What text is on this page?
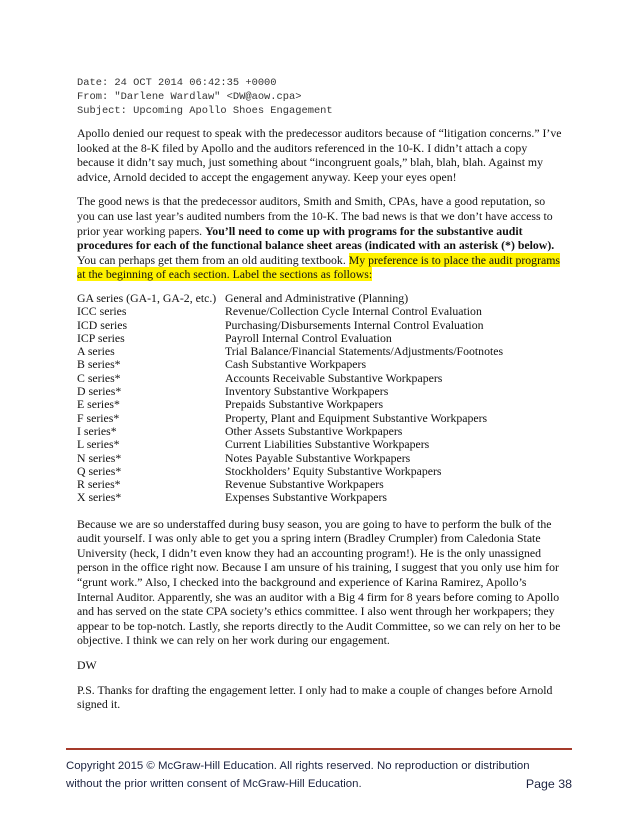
Date: 24 OCT 2014 06:42:35 +0000
From: "Darlene Wardlaw" <DW@aow.cpa>
Subject: Upcoming Apollo Shoes Engagement

Apollo denied our request to speak with the predecessor auditors because of “litigation concerns.” I’ve looked at the 8-K filed by Apollo and the auditors referenced in the 10-K. I didn’t attach a copy because it didn’t say much, just something about “incongruent goals,” blah, blah, blah. Against my advice, Arnold decided to accept the engagement anyway. Keep your eyes open!

The good news is that the predecessor auditors, Smith and Smith, CPAs, have a good reputation, so you can use last year’s audited numbers from the 10-K. The bad news is that we don’t have access to prior year working papers. You’ll need to come up with programs for the substantive audit procedures for each of the functional balance sheet areas (indicated with an asterisk (*) below). You can perhaps get them from an old auditing textbook. My preference is to place the audit programs at the beginning of each section. Label the sections as follows:

GA series (GA-1, GA-2, etc.) General and Administrative (Planning)
ICC series	Revenue/Collection Cycle Internal Control Evaluation
ICD series	Purchasing/Disbursements Internal Control Evaluation
ICP series	Payroll Internal Control Evaluation
A series	Trial Balance/Financial Statements/Adjustments/Footnotes
B series*	Cash Substantive Workpapers
C series*	Accounts Receivable Substantive Workpapers
D series*	Inventory Substantive Workpapers
E series*	Prepaids Substantive Workpapers
F series*	Property, Plant and Equipment Substantive Workpapers
I series*	Other Assets Substantive Workpapers
L series*	Current Liabilities Substantive Workpapers
N series*	Notes Payable Substantive Workpapers
Q series*	Stockholders’ Equity Substantive Workpapers
R series*	Revenue Substantive Workpapers
X series*	Expenses Substantive Workpapers

Because we are so understaffed during busy season, you are going to have to perform the bulk of the audit yourself. I was only able to get you a spring intern (Bradley Crumpler) from Caledonia State University (heck, I didn’t even know they had an accounting program!). He is the only unassigned person in the office right now. Because I am unsure of his training, I suggest that you only use him for “grunt work.” Also, I checked into the background and experience of Karina Ramirez, Apollo’s Internal Auditor. Apparently, she was an auditor with a Big 4 firm for 8 years before coming to Apollo and has served on the state CPA society’s ethics committee. I also went through her workpapers; they appear to be top-notch. Lastly, she reports directly to the Audit Committee, so we can rely on her to be objective. I think we can rely on her work during our engagement.

DW

P.S. Thanks for drafting the engagement letter. I only had to make a couple of changes before Arnold signed it.

Copyright 2015 © McGraw-Hill Education. All rights reserved. No reproduction or distribution
without the prior written consent of McGraw-Hill Education.	Page 38
